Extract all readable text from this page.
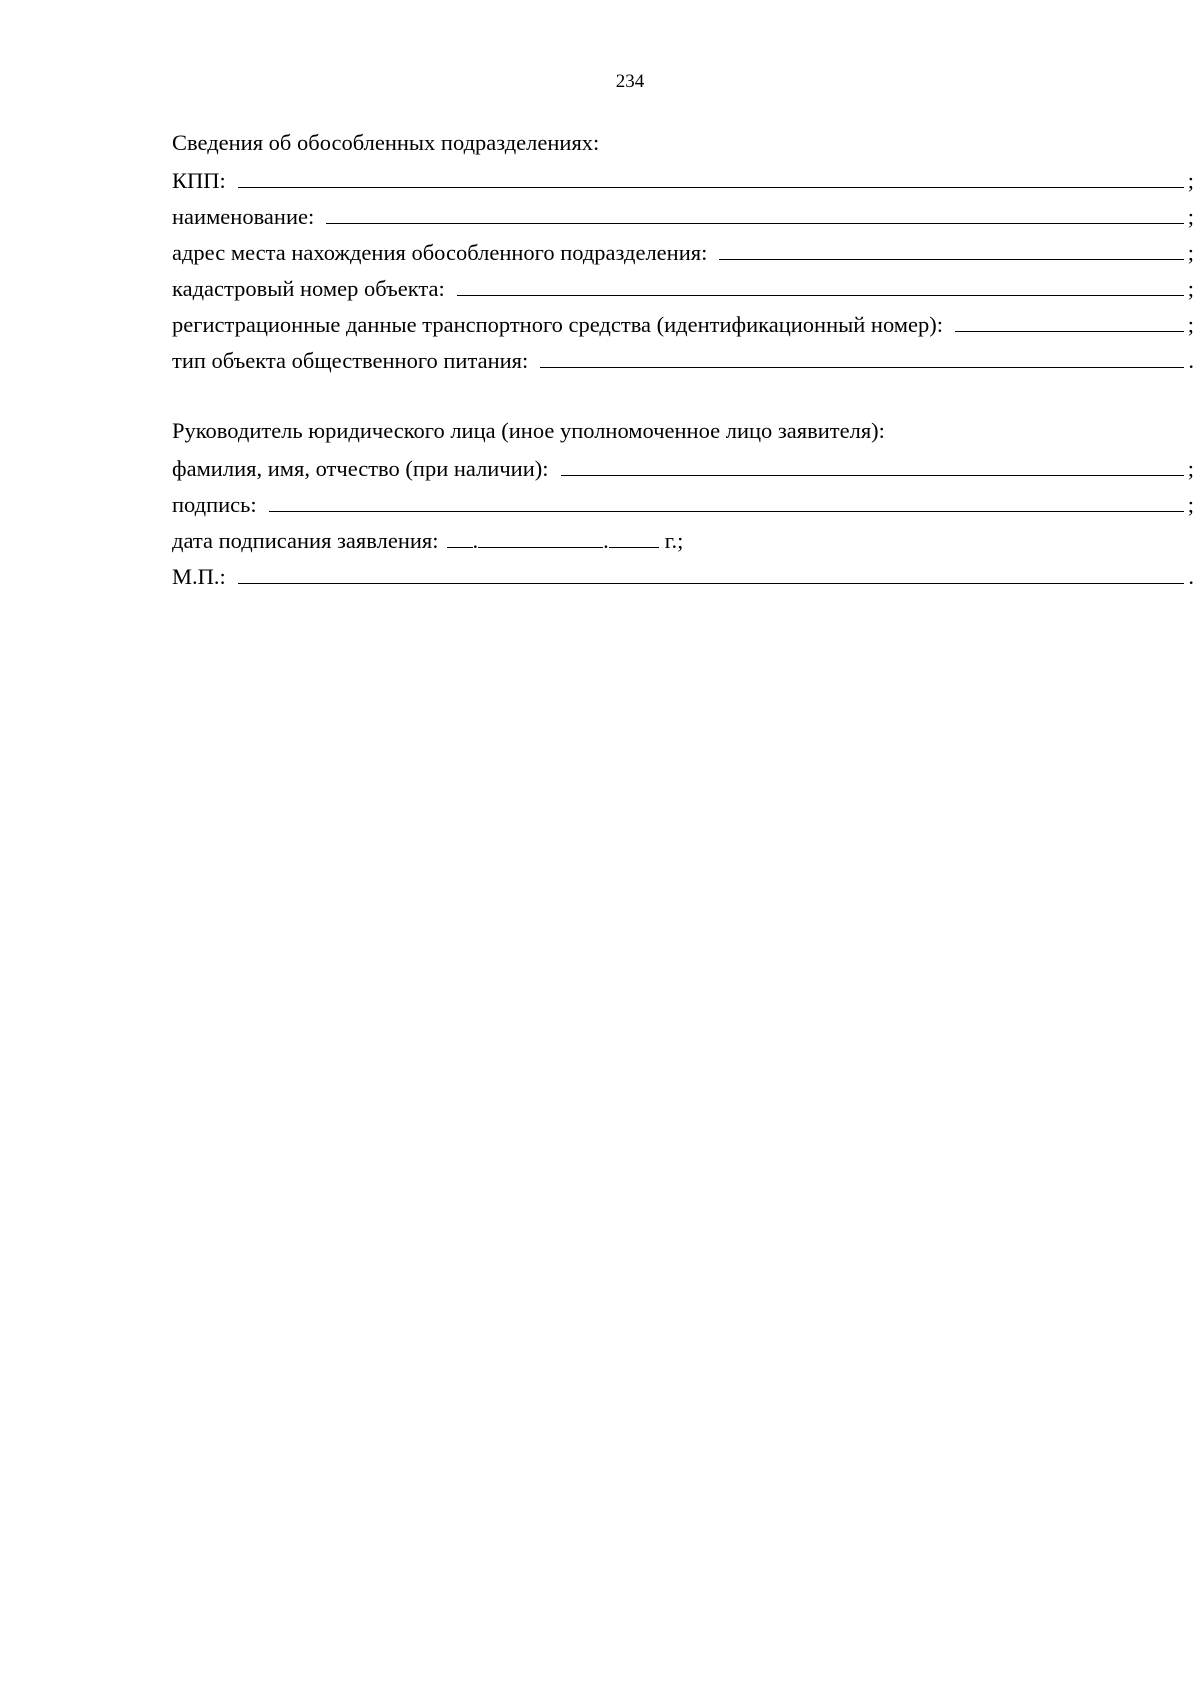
234
Сведения об обособленных подразделениях:
КПП:	;
наименование:	;
адрес места нахождения обособленного подразделения:	;
кадастровый номер объекта:	;
регистрационные данные транспортного средства (идентификационный номер):	;
тип объекта общественного питания:	.
Руководитель юридического лица (иное уполномоченное лицо заявителя):
фамилия, имя, отчество (при наличии):	;
подпись:	;
дата подписания заявления: .	. г.;
М.П.:	.
